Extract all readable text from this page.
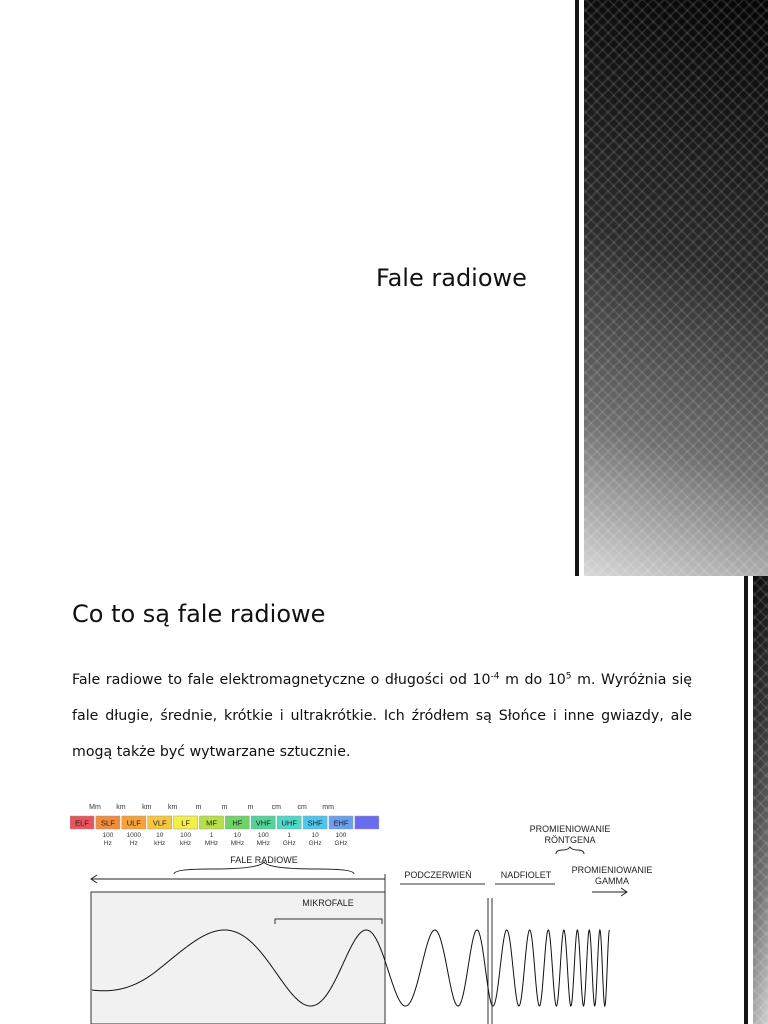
Fale radiowe
Co to są fale radiowe
Fale radiowe to fale elektromagnetyczne o długości od $10^{-4}$ m do $10^5$ m. Wyróżnia się fale długie, średnie, krótkie i ultrakrótkie. Ich źródłem są Słońce i inne gwiazdy, ale mogą także być wytwarzane sztucznie.
Mm
ELF
km
SLF
100
Hz
km
ULF
1000
Hz
km
VLF
10
kHz
m
LF
100
kHz
m
MF
1
MHz
m
HF
10
MHz
cm
VHF
100
MHz
cm
UHF
1
GHz
mm
SHF
10
GHz
EHF
100
GHz
FALE RADIOWE
MIKROFALE
PODCZERWIEŃ	NADFIOLET
PROMIENIOWANIE
RÖNTGENA
PROMIENIOWANIE
GAMMA
